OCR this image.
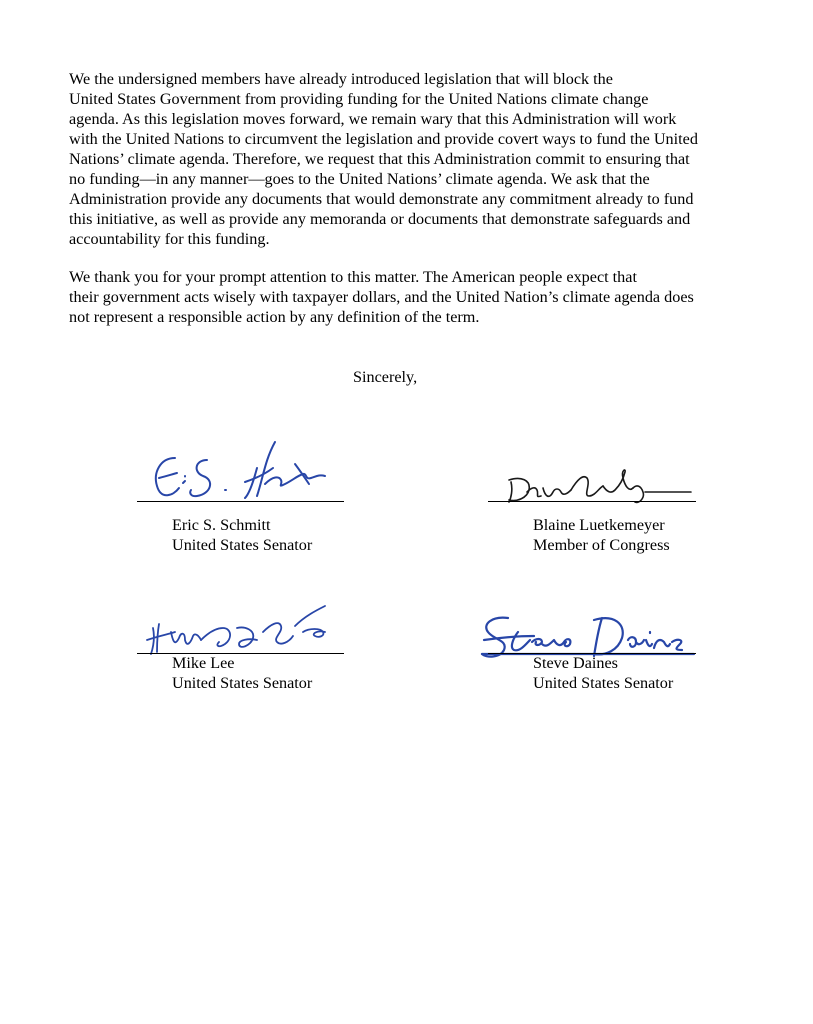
We the undersigned members have already introduced legislation that will block the
United States Government from providing funding for the United Nations climate change
agenda. As this legislation moves forward, we remain wary that this Administration will work
with the United Nations to circumvent the legislation and provide covert ways to fund the United
Nations’ climate agenda. Therefore, we request that this Administration commit to ensuring that
no funding—in any manner—goes to the United Nations’ climate agenda. We ask that the
Administration provide any documents that would demonstrate any commitment already to fund
this initiative, as well as provide any memoranda or documents that demonstrate safeguards and
accountability for this funding.

We thank you for your prompt attention to this matter. The American people expect that
their government acts wisely with taxpayer dollars, and the United Nation’s climate agenda does
not represent a responsible action by any definition of the term.

Sincerely,
Eric S. Schmitt
United States Senator
Blaine Luetkemeyer
Member of Congress
Mike Lee
United States Senator
Steve Daines
United States Senator
